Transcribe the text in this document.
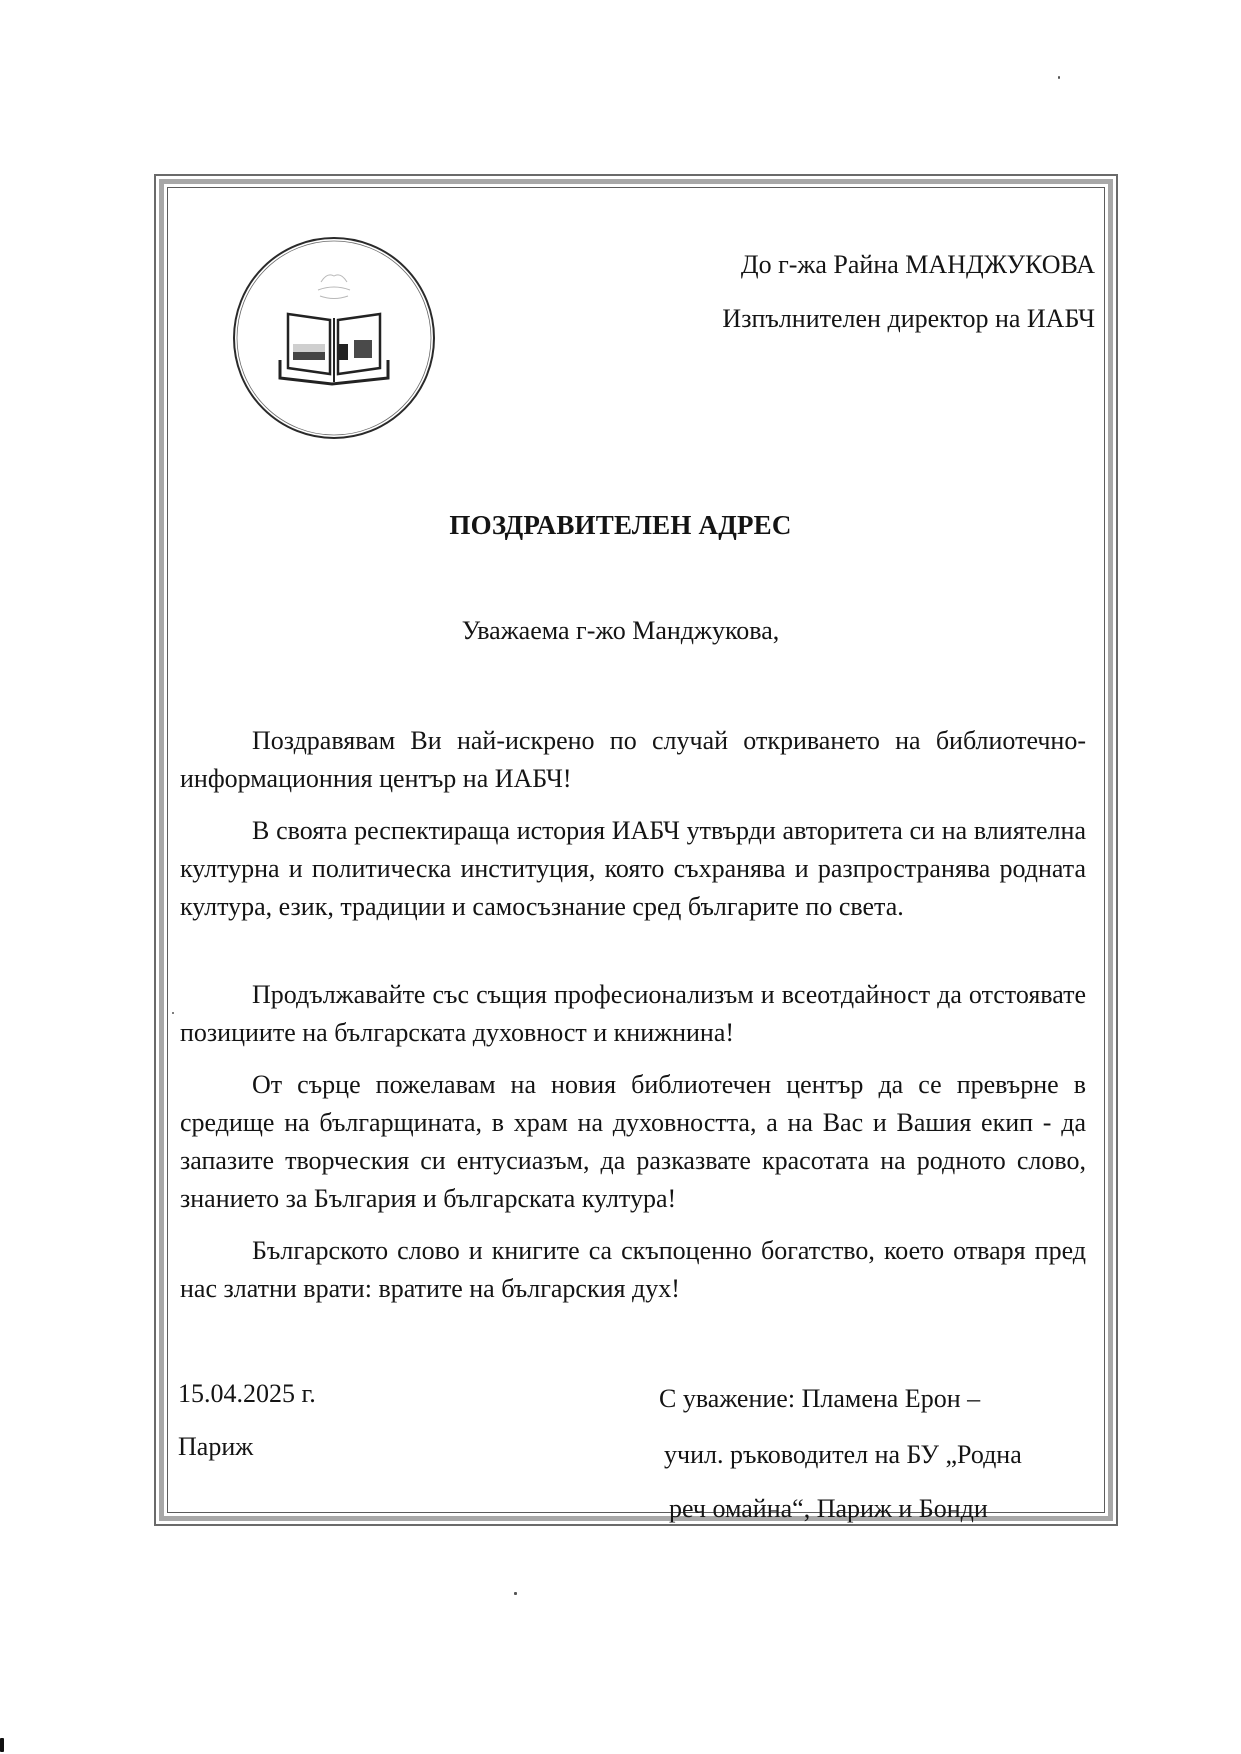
До г-жа Райна МАНДЖУКОВА
Изпълнителен директор на ИАБЧ
ПОЗДРАВИТЕЛЕН АДРЕС
Уважаема г-жо Манджукова,

Поздравявам Ви най-искрено по случай откриването на библиотечно-информационния център на ИАБЧ!

В своята респектираща история ИАБЧ утвърди авторитета си на влиятелна културна и политическа институция, която съхранява и разпространява родната култура, език, традиции и самосъзнание сред българите по света.

Продължавайте със същия професионализъм и всеотдайност да отстоявате позициите на българската духовност и книжнина!

От сърце пожелавам на новия библиотечен център да се превърне в средище на българщината, в храм на духовността, а на Вас и Вашия екип - да запазите творческия си ентусиазъм, да разказвате красотата на родното слово, знанието за България и българската култура!

Българското слово и книгите са скъпоценно богатство, което отваря пред нас златни врати: вратите на българския дух!

15.04.2025 г.
Париж
С уважение: Пламена Ерон –
учил. ръководител на БУ „Родна
реч омайна“, Париж и Бонди
